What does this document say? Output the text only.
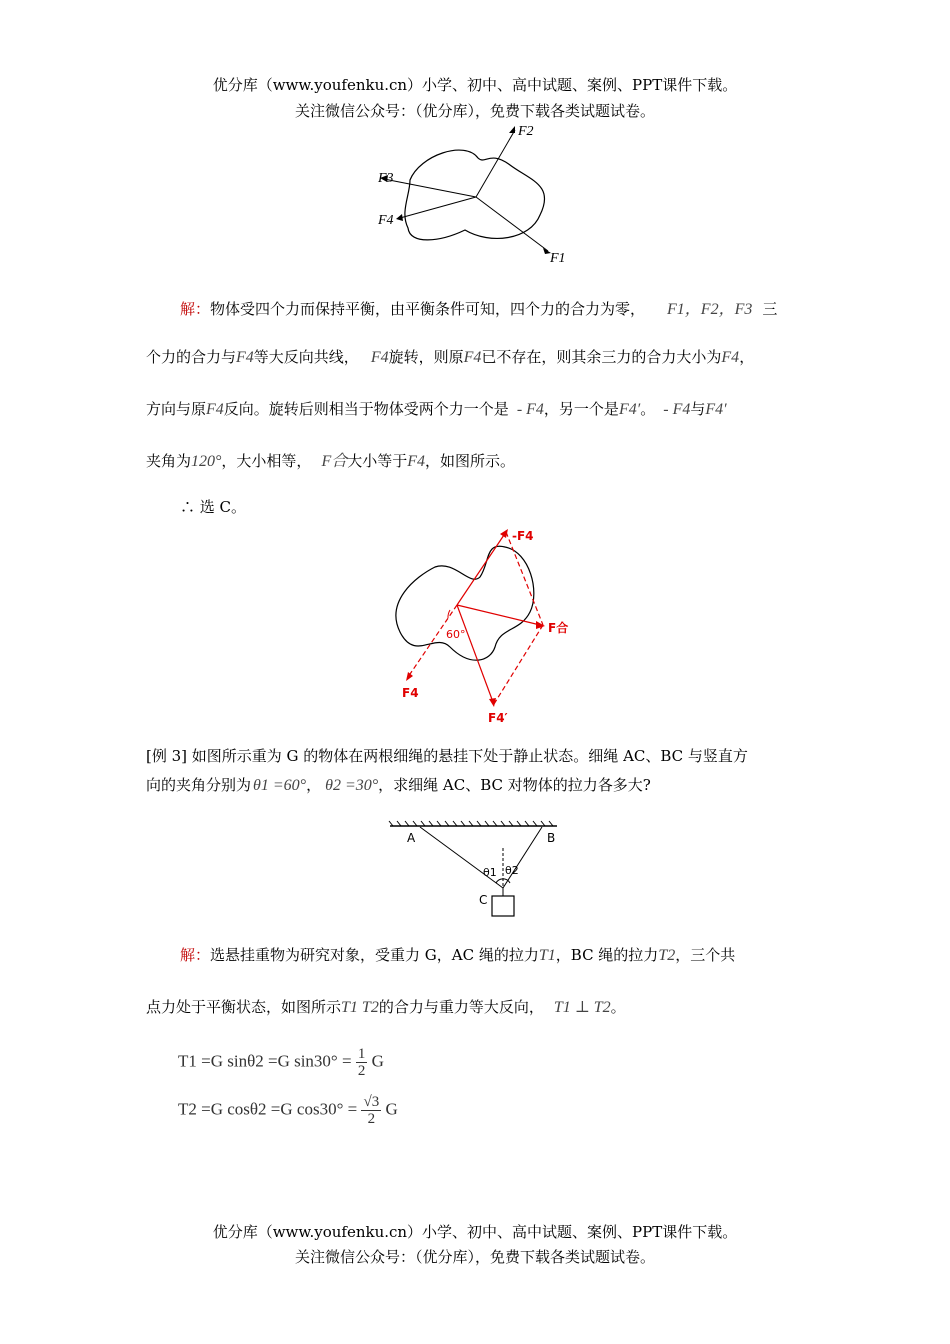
优分库（www.youfenku.cn）小学、初中、高中试题、案例、PPT课件下载。
关注微信公众号：（优分库），免费下载各类试题试卷。
F2
F3
F4
F1
解：物体受四个力而保持平衡，由平衡条件可知，四个力的合力为零， F1，F2，F3 三
个力的合力与F4等大反向共线， F4旋转，则原F4已不存在，则其余三力的合力大小为F4，
方向与原F4反向。旋转后则相当于物体受两个力一个是 - F4，另一个是F4′。 - F4与F4′
夹角为120°，大小相等， F合大小等于F4，如图所示。
∴ 选 C。
-F4
F合
60°
F4
F4′
[例 3] 如图所示重为 G 的物体在两根细绳的悬挂下处于静止状态。细绳 AC、BC 与竖直方
向的夹角分别为 θ1 =60°， θ2 =30°，求细绳 AC、BC 对物体的拉力各多大?
A	B
C
θ1 θ2
解：选悬挂重物为研究对象，受重力 G，AC 绳的拉力T1，BC 绳的拉力T2，三个共
点力处于平衡状态，如图所示T1 T2的合力与重力等大反向， T1 ⊥ T2。
T1 =G sinθ2 =G $\sin 30^\circ = \frac{1}{2}$ G
T2 =G cosθ2 =G $\cos 30^\circ = \frac{√3}{2}$ G
优分库（www.youfenku.cn）小学、初中、高中试题、案例、PPT课件下载。
关注微信公众号：（优分库），免费下载各类试题试卷。
